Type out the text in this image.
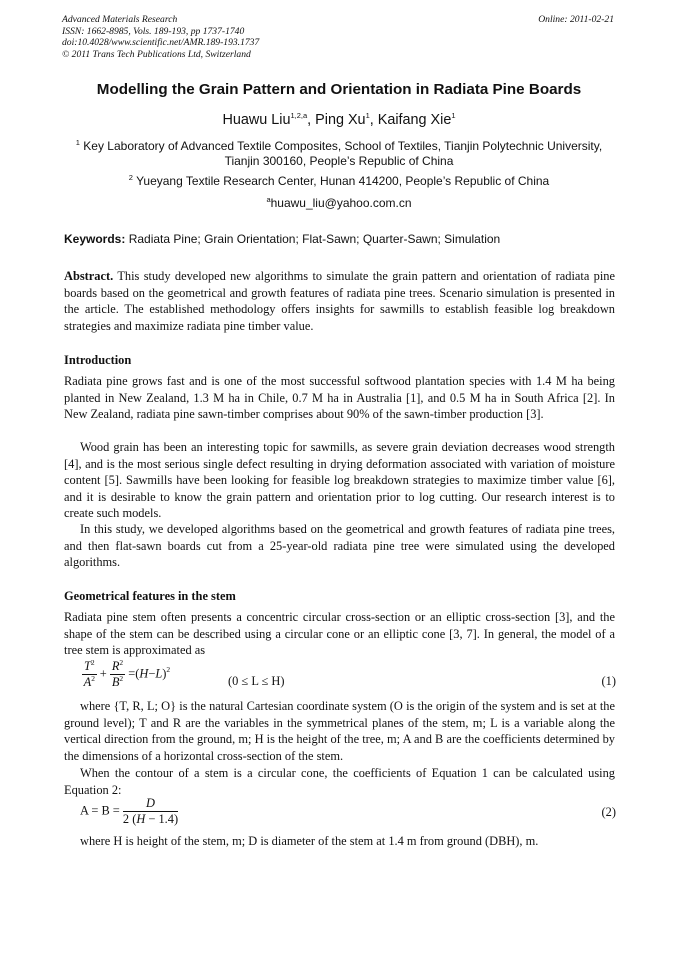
Advanced Materials Research
ISSN: 1662-8985, Vols. 189-193, pp 1737-1740
doi:10.4028/www.scientific.net/AMR.189-193.1737
© 2011 Trans Tech Publications Ltd, Switzerland
Online: 2011-02-21
Modelling the Grain Pattern and Orientation in Radiata Pine Boards
Huawu Liu$^{1,2,a}$, Ping Xu$^1$, Kaifang Xie$^1$
$^1$ Key Laboratory of Advanced Textile Composites, School of Textiles, Tianjin Polytechnic University,
Tianjin 300160, People’s Republic of China
$^2$ Yueyang Textile Research Center, Hunan 414200, People’s Republic of China
$^a$huawu_liu@yahoo.com.cn
Keywords: Radiata Pine; Grain Orientation; Flat-Sawn; Quarter-Sawn; Simulation
Abstract. This study developed new algorithms to simulate the grain pattern and orientation of radiata pine boards based on the geometrical and growth features of radiata pine trees. Scenario simulation is presented in the article. The established methodology offers insights for sawmills to establish feasible log breakdown strategies and maximize radiata pine timber value.
Introduction
Radiata pine grows fast and is one of the most successful softwood plantation species with 1.4 M ha being planted in New Zealand, 1.3 M ha in Chile, 0.7 M ha in Australia [1], and 0.5 M ha in South Africa [2]. In New Zealand, radiata pine sawn-timber comprises about 90% of the sawn-timber production [3].
Wood grain has been an interesting topic for sawmills, as severe grain deviation decreases wood strength [4], and is the most serious single defect resulting in drying deformation associated with variation of moisture content [5]. Sawmills have been looking for feasible log breakdown strategies to maximize timber value [6], and it is desirable to know the grain pattern and orientation prior to log cutting. Our research interest is to create such models.
In this study, we developed algorithms based on the geometrical and growth features of radiata pine trees, and then flat-sawn boards cut from a 25-year-old radiata pine tree were simulated using the developed algorithms.
Geometrical features in the stem
Radiata pine stem often presents a concentric circular cross-section or an elliptic cross-section [3], and the shape of the stem can be described using a circular cone or an elliptic cone [3, 7]. In general, the model of a tree stem is approximated as
$\frac{T^2}{A^2} + \frac{R^2}{B^2} =(H-L)^2$
(0 ≤ L ≤ H)	(1)
where {T, R, L; O} is the natural Cartesian coordinate system (O is the origin of the system and is set at the ground level); T and R are the variables in the symmetrical planes of the stem, m; L is a variable along the vertical direction from the ground, m; H is the height of the tree, m; A and B are the coefficients determined by the dimensions of a horizontal cross-section of the stem.
When the contour of a stem is a circular cone, the coefficients of Equation 1 can be calculated using Equation 2:
$A = B = \frac{D}{2 (H - 1.4)}$	(2)
where H is height of the stem, m; D is diameter of the stem at 1.4 m from ground (DBH), m.
